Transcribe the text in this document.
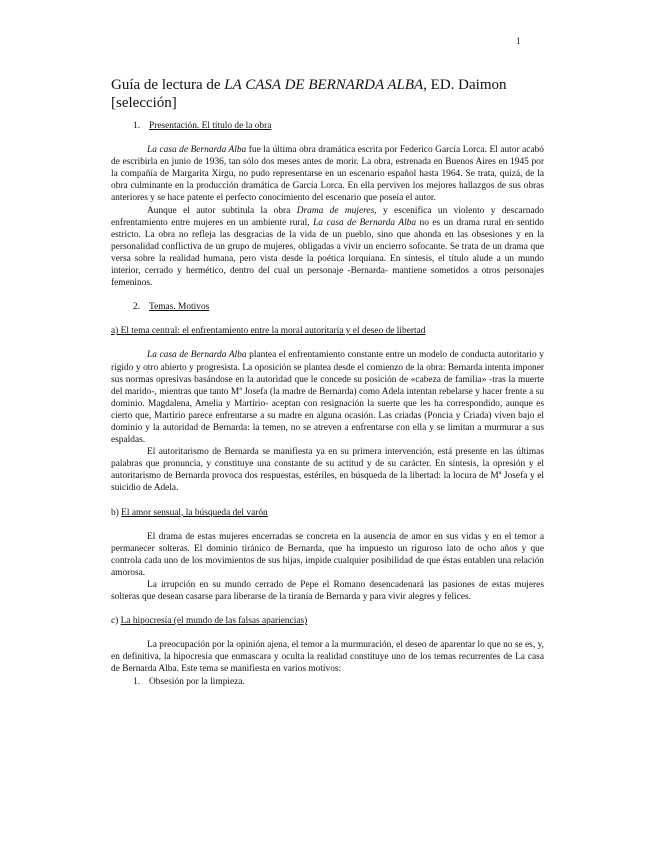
1
Guía de lectura de LA CASA DE BERNARDA ALBA, ED. Daimon [selección]
1. Presentación. El título de la obra

La casa de Bernarda Alba fue la última obra dramática escrita por Federico García Lorca. El autor acabó de escribirla en junio de 1936, tan sólo dos meses antes de morir. La obra, estrenada en Buenos Aires en 1945 por la compañía de Margarita Xirgu, no pudo representarse en un escenario español hasta 1964. Se trata, quizá, de la obra culminante en la producción dramática de García Lorca. En ella perviven los mejores hallazgos de sus obras anteriores y se hace patente el perfecto conocimiento del escenario que poseía el autor.

Aunque el autor subtitula la obra Drama de mujeres, y escenifica un violento y descarnado enfrentamiento entre mujeres en un ambiente rural, La casa de Bernarda Alba no es un drama rural en sentido estricto. La obra no refleja las desgracias de la vida de un pueblo, sino que ahonda en las obsesiones y en la personalidad conflictiva de un grupo de mujeres, obligadas a vivir un encierro sofocante. Se trata de un drama que versa sobre la realidad humana, pero vista desde la poética lorquiana. En síntesis, el título alude a un mundo interior, cerrado y hermético, dentro del cual un personaje -Bernarda- mantiene sometidos a otros personajes femeninos.

2. Temas. Motivos
a) El tema central: el enfrentamiento entre la moral autoritaria y el deseo de libertad

La casa de Bernarda Alba plantea el enfrentamiento constante entre un modelo de conducta autoritario y rígido y otro abierto y progresista. La oposición se plantea desde el comienzo de la obra: Bernarda intenta imponer sus normas opresivas basándose en la autoridad que le concede su posición de «cabeza de familia» -tras la muerte del marido-, mientras que tanto Mª Josefa (la madre de Bernarda) como Adela intentan rebelarse y hacer frente a su dominio. Magdalena, Amelia y Martirio- aceptan con resignación la suerte que les ha correspondido, aunque es cierto que, Martirio parece enfrentarse a su madre en alguna ocasión. Las criadas (Poncia y Criada) viven bajo el dominio y la autoridad de Bernarda: la temen, no se atreven a enfrentarse con ella y se limitan a murmurar a sus espaldas.

El autoritarismo de Bernarda se manifiesta ya en su primera intervención, está presente en las últimas palabras que pronuncia, y constituye una constante de su actitud y de su carácter. En síntesis, la opresión y el autoritarismo de Bernarda provoca dos respuestas, estériles, en búsqueda de la libertad: la locura de Mª Josefa y el suicidio de Adela.

b) El amor sensual, la búsqueda del varón

El drama de estas mujeres encerradas se concreta en la ausencia de amor en sus vidas y en el temor a permanecer solteras. El dominio tiránico de Bernarda, que ha impuesto un riguroso lato de ocho años y que controla cada uno de los movimientos de sus hijas, impide cualquier posibilidad de que éstas entablen una relación amorosa.

La irrupción en su mundo cerrado de Pepe el Romano desencadenará las pasiones de estas mujeres solteras que desean casarse para liberarse de la tiranía de Bernarda y para vivir alegres y felices.

c) La hipocresía (el mundo de las falsas apariencias)

La preocupación por la opinión ajena, el temor a la murmuración, el deseo de aparentar lo que no se es, y, en definitiva, la hipocresía que enmascara y oculta la realidad constituye uno de los temas recurrentes de La casa de Bernarda Alba. Este tema se manifiesta en varios motivos:

1. Obsesión por la limpieza.
